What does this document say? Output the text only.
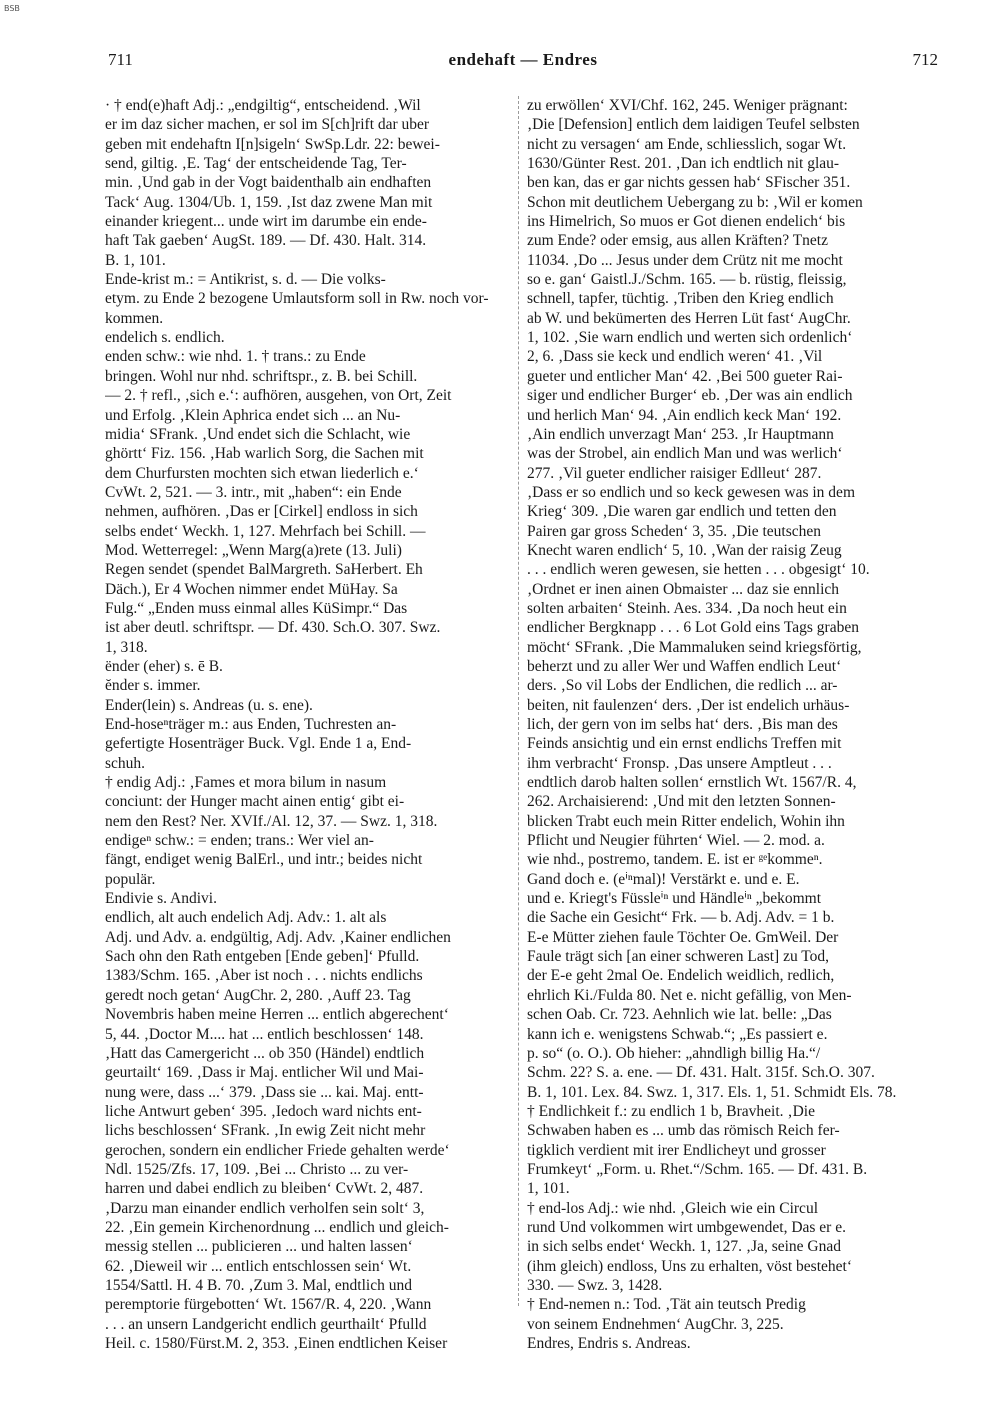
BSB
711	endehaft — Endres	712
· † end(e)haft Adj.: „endgiltig“, entscheidend. ‚Wil
er im daz sicher machen, er sol im S[ch]rift dar uber
geben mit endehaftn I[n]sigeln‘ SwSp.Ldr. 22: bewei-
send, giltig. ‚E. Tag‘ der entscheidende Tag, Ter-
min. ‚Und gab in der Vogt baidenthalb ain endhaften
Tack‘ Aug. 1304/Ub. 1, 159. ‚Ist daz zwene Man mit
einander kriegent... unde wirt im darumbe ein ende-
haft Tak gaeben‘ AugSt. 189. — Df. 430. Halt. 314.
B. 1, 101.
Ende-krist m.: = Antikrist, s. d. — Die volks-
etym. zu Ende 2 bezogene Umlautsform soll in Rw. noch vor-
kommen.
endelich s. endlich.
enden schw.: wie nhd. 1. † trans.: zu Ende
bringen. Wohl nur nhd. schriftspr., z. B. bei Schill.
— 2. † refl., ‚sich e.‘: aufhören, ausgehen, von Ort, Zeit
und Erfolg. ‚Klein Aphrica endet sich ... an Nu-
midia‘ SFrank. ‚Und endet sich die Schlacht, wie
ghörtt‘ Fiz. 156. ‚Hab warlich Sorg, die Sachen mit
dem Churfursten mochten sich etwan liederlich e.‘
CvWt. 2, 521. — 3. intr., mit „haben“: ein Ende
nehmen, aufhören. ‚Das er [Cirkel] endloss in sich
selbs endet‘ Weckh. 1, 127. Mehrfach bei Schill. —
Mod. Wetterregel: „Wenn Marg(a)rete (13. Juli)
Regen sendet (spendet BalMargreth. SaHerbert. Eh
Däch.), Er 4 Wochen nimmer endet MüHay. Sa
Fulg.“ „Enden muss einmal alles KüSimpr.“ Das
ist aber deutl. schriftspr. — Df. 430. Sch.O. 307. Swz.
1, 318.
ënder (eher) s. ē B.
ĕnder s. immer.
Ender(lein) s. Andreas (u. s. ene).
End-hoseⁿträger m.: aus Enden, Tuchresten an-
gefertigte Hosenträger Buck. Vgl. Ende 1 a, End-
schuh.
† endig Adj.: ‚Fames et mora bilum in nasum
conciunt: der Hunger macht ainen entig‘ gibt ei-
nem den Rest? Ner. XVIf./Al. 12, 37. — Swz. 1, 318.
endigeⁿ schw.: = enden; trans.: Wer viel an-
fängt, endiget wenig BalErl., und intr.; beides nicht
populär.
Endivie s. Andivi.
endlich, alt auch endelich Adj. Adv.: 1. alt als
Adj. und Adv. a. endgültig, Adj. Adv. ‚Kainer endlichen
Sach ohn den Rath entgeben [Ende geben]‘ Pfulld.
1383/Schm. 165. ‚Aber ist noch . . . nichts endlichs
geredt noch getan‘ AugChr. 2, 280. ‚Auff 23. Tag
Novembris haben meine Herren ... entlich abgerechent‘
5, 44. ‚Doctor M.... hat ... entlich beschlossen‘ 148.
‚Hatt das Camergericht ... ob 350 (Händel) endtlich
geurtailt‘ 169. ‚Dass ir Maj. entlicher Wil und Mai-
nung were, dass ...‘ 379. ‚Dass sie ... kai. Maj. entt-
liche Antwurt geben‘ 395. ‚Iedoch ward nichts ent-
lichs beschlossen‘ SFrank. ‚In ewig Zeit nicht mehr
gerochen, sondern ein endlicher Friede gehalten werde‘
Ndl. 1525/Zfs. 17, 109. ‚Bei ... Christo ... zu ver-
harren und dabei endlich zu bleiben‘ CvWt. 2, 487.
‚Darzu man einander endlich verholfen sein solt‘ 3,
22. ‚Ein gemein Kirchenordnung ... endlich und gleich-
messig stellen ... publicieren ... und halten lassen‘
62. ‚Dieweil wir ... entlich entschlossen sein‘ Wt.
1554/Sattl. H. 4 B. 70. ‚Zum 3. Mal, endtlich und
peremptorie fürgebotten‘ Wt. 1567/R. 4, 220. ‚Wann
. . . an unsern Landgericht endlich geurthailt‘ Pfulld
Heil. c. 1580/Fürst.M. 2, 353. ‚Einen endtlichen Keiser
zu erwöllen‘ XVI/Chf. 162, 245. Weniger prägnant:
‚Die [Defension] entlich dem laidigen Teufel selbsten
nicht zu versagen‘ am Ende, schliesslich, sogar Wt.
1630/Günter Rest. 201. ‚Dan ich endtlich nit glau-
ben kan, das er gar nichts gessen hab‘ SFischer 351.
Schon mit deutlichem Uebergang zu b: ‚Wil er komen
ins Himelrich, So muos er Got dienen endelich‘ bis
zum Ende? oder emsig, aus allen Kräften? Tnetz
11034. ‚Do ... Jesus under dem Crütz nit me mocht
so e. gan‘ Gaistl.J./Schm. 165. — b. rüstig, fleissig,
schnell, tapfer, tüchtig. ‚Triben den Krieg endlich
ab W. und bekümerten des Herren Lüt fast‘ AugChr.
1, 102. ‚Sie warn endlich und werten sich ordenlich‘
2, 6. ‚Dass sie keck und endlich weren‘ 41. ‚Vil
gueter und entlicher Man‘ 42. ‚Bei 500 gueter Rai-
siger und endlicher Burger‘ eb. ‚Der was ain endlich
und herlich Man‘ 94. ‚Ain endlich keck Man‘ 192.
‚Ain endlich unverzagt Man‘ 253. ‚Ir Hauptmann
was der Strobel, ain endlich Man und was werlich‘
277. ‚Vil gueter endlicher raisiger Edlleut‘ 287.
‚Dass er so endlich und so keck gewesen was in dem
Krieg‘ 309. ‚Die waren gar endlich und tetten den
Pairen gar gross Scheden‘ 3, 35. ‚Die teutschen
Knecht waren endlich‘ 5, 10. ‚Wan der raisig Zeug
. . . endlich weren gewesen, sie hetten . . . obgesigt‘ 10.
‚Ordnet er inen ainen Obmaister ... daz sie ennlich
solten arbaiten‘ Steinh. Aes. 334. ‚Da noch heut ein
endlicher Bergknapp . . . 6 Lot Gold eins Tags graben
möcht‘ SFrank. ‚Die Mammaluken seind kriegsförtig,
beherzt und zu aller Wer und Waffen endlich Leut‘
ders. ‚So vil Lobs der Endlichen, die redlich ... ar-
beiten, nit faulenzen‘ ders. ‚Der ist endelich urhäus-
lich, der gern von im selbs hat‘ ders. ‚Bis man des
Feinds ansichtig und ein ernst endlichs Treffen mit
ihm verbracht‘ Fronsp. ‚Das unsere Amptleut . . .
endtlich darob halten sollen‘ ernstlich Wt. 1567/R. 4,
262. Archaisierend: ‚Und mit den letzten Sonnen-
blicken Trabt euch mein Ritter endelich, Wohin ihn
Pflicht und Neugier führten‘ Wiel. — 2. mod. a.
wie nhd., postremo, tandem. E. ist er ᵍᵉkommeⁿ.
Gand doch e. (eⁱⁿmal)! Verstärkt e. und e. E.
und e. Kriegt's Füssleⁱⁿ und Händleⁱⁿ „bekommt
die Sache ein Gesicht“ Frk. — b. Adj. Adv. = 1 b.
E-e Mütter ziehen faule Töchter Oe. GmWeil. Der
Faule trägt sich [an einer schweren Last] zu Tod,
der E-e geht 2mal Oe. Endelich weidlich, redlich,
ehrlich Ki./Fulda 80. Net e. nicht gefällig, von Men-
schen Oab. Cr. 723. Aehnlich wie lat. belle: „Das
kann ich e. wenigstens Schwab.“; „Es passiert e.
p. so“ (o. O.). Ob hieher: „ahndligh billig Ha.“/
Schm. 22? S. a. ene. — Df. 431. Halt. 315f. Sch.O. 307.
B. 1, 101. Lex. 84. Swz. 1, 317. Els. 1, 51. Schmidt Els. 78.
† Endlichkeit f.: zu endlich 1 b, Bravheit. ‚Die
Schwaben haben es ... umb das römisch Reich fer-
tigklich verdient mit irer Endlicheyt und grosser
Frumkeyt‘ „Form. u. Rhet.“/Schm. 165. — Df. 431. B.
1, 101.
† end-los Adj.: wie nhd. ‚Gleich wie ein Circul
rund Und volkommen wirt umbgewendet, Das er e.
in sich selbs endet‘ Weckh. 1, 127. ‚Ja, seine Gnad
(ihm gleich) endloss, Uns zu erhalten, vöst bestehet‘
330. — Swz. 3, 1428.
† End-nemen n.: Tod. ‚Tät ain teutsch Predig
von seinem Endnehmen‘ AugChr. 3, 225.
Endres, Endris s. Andreas.
